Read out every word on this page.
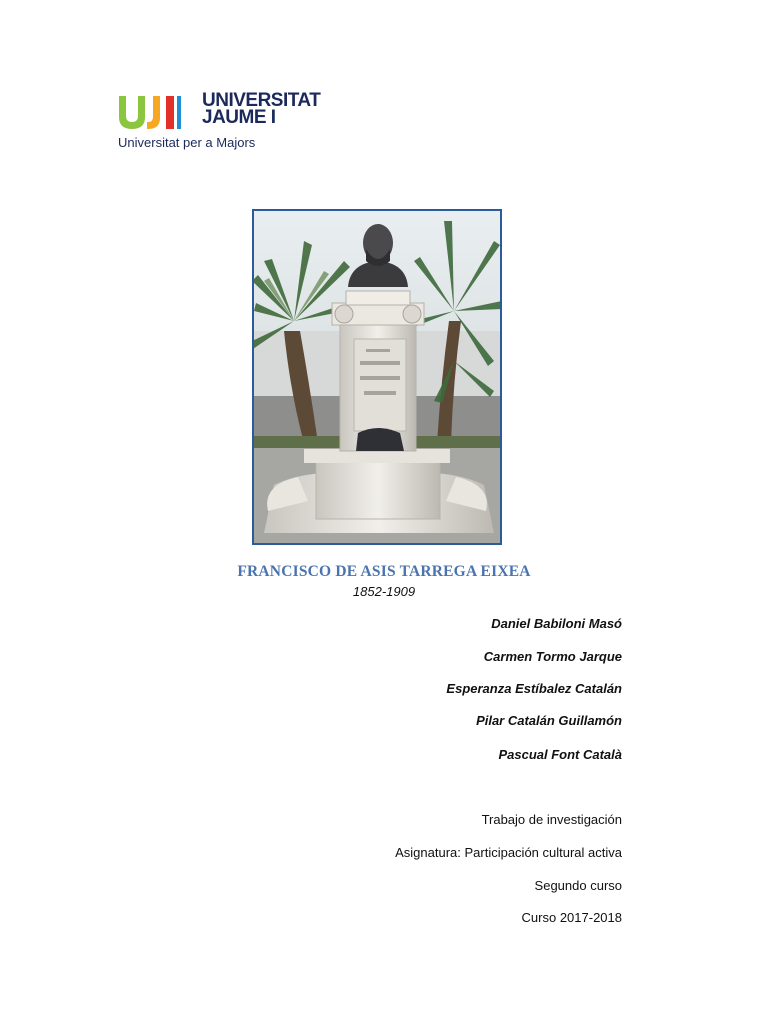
UNIVERSITAT
JAUME I
Universitat per a Majors
FRANCISCO DE ASIS TARREGA EIXEA
1852-1909
Daniel Babiloni Masó
Carmen Tormo Jarque
Esperanza Estíbalez Catalán
Pilar Catalán Guillamón
Pascual Font Català
Trabajo de investigación
Asignatura: Participación cultural activa
Segundo curso
Curso 2017-2018
